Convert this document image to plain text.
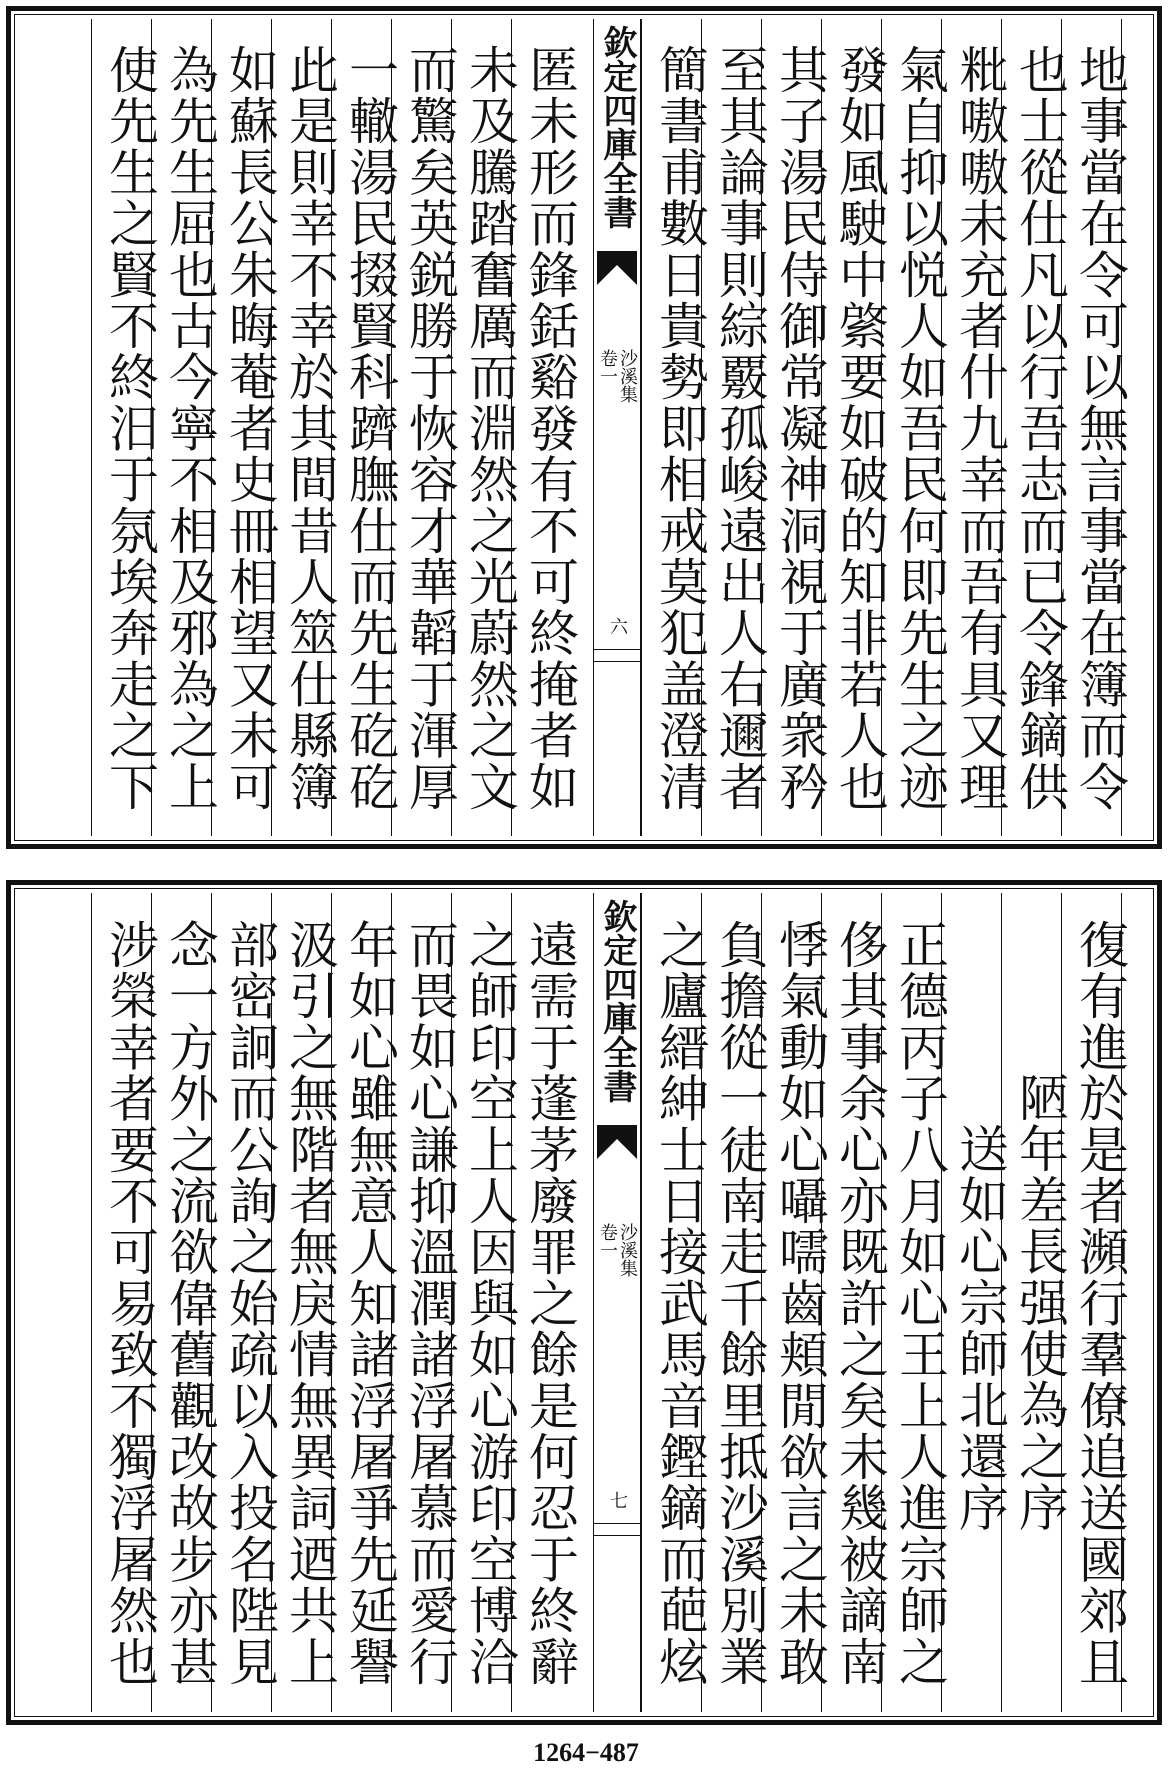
地事當在令可以無言事當在簿而令
也士從仕凡以行吾志而已令鋒鏑供
粃嗷嗷未充者什九幸而吾有具又理
氣自抑以悦人如吾民何即先生之迹
發如風駛中綮要如破的知非若人也
其子湯民侍御常凝神洞視于廣衆矜
至其論事則綜覈孤峻遠出人右邇者
簡書甫數日貴勢即相戒莫犯盖澄清
匿未形而鋒銛谿發有不可終掩者如
未及騰踏奮厲而淵然之光蔚然之文
而驚矣英鋭勝于恢容才華韜于渾厚
一轍湯民掇賢科躋膴仕而先生矻矻
此是則幸不幸於其間昔人筮仕縣簿
如蘇長公朱晦菴者史冊相望又未可
為先生屈也古今寧不相及邪為之上
使先生之賢不終汨于氛埃奔走之下
欽定四庫全書
沙溪集
卷一
六
復有進於是者瀕行羣僚追送國郊且
陋年差長强使為之序
　送如心宗師北還序
正德丙子八月如心王上人進宗師之
侈其事余心亦既許之矣未幾被謫南
悸氣動如心囁嚅齒頬閒欲言之未敢
負擔從一徒南走千餘里抵沙溪別業
之廬縉紳士日接武馬音鏗鏑而葩炫
遠需于蓬茅廢罪之餘是何忍于終辭
之師印空上人因與如心游印空博洽
而畏如心謙抑溫潤諸浮屠慕而愛行
年如心雖無意人知諸浮屠爭先延譽
汲引之無階者無戾情無異詞迺共上
部密詗而公詢之始疏以入投名陛見
念一方外之流欲偉舊觀改故步亦甚
涉榮幸者要不可易致不獨浮屠然也
欽定四庫全書
沙溪集
卷一
七
1264−487
